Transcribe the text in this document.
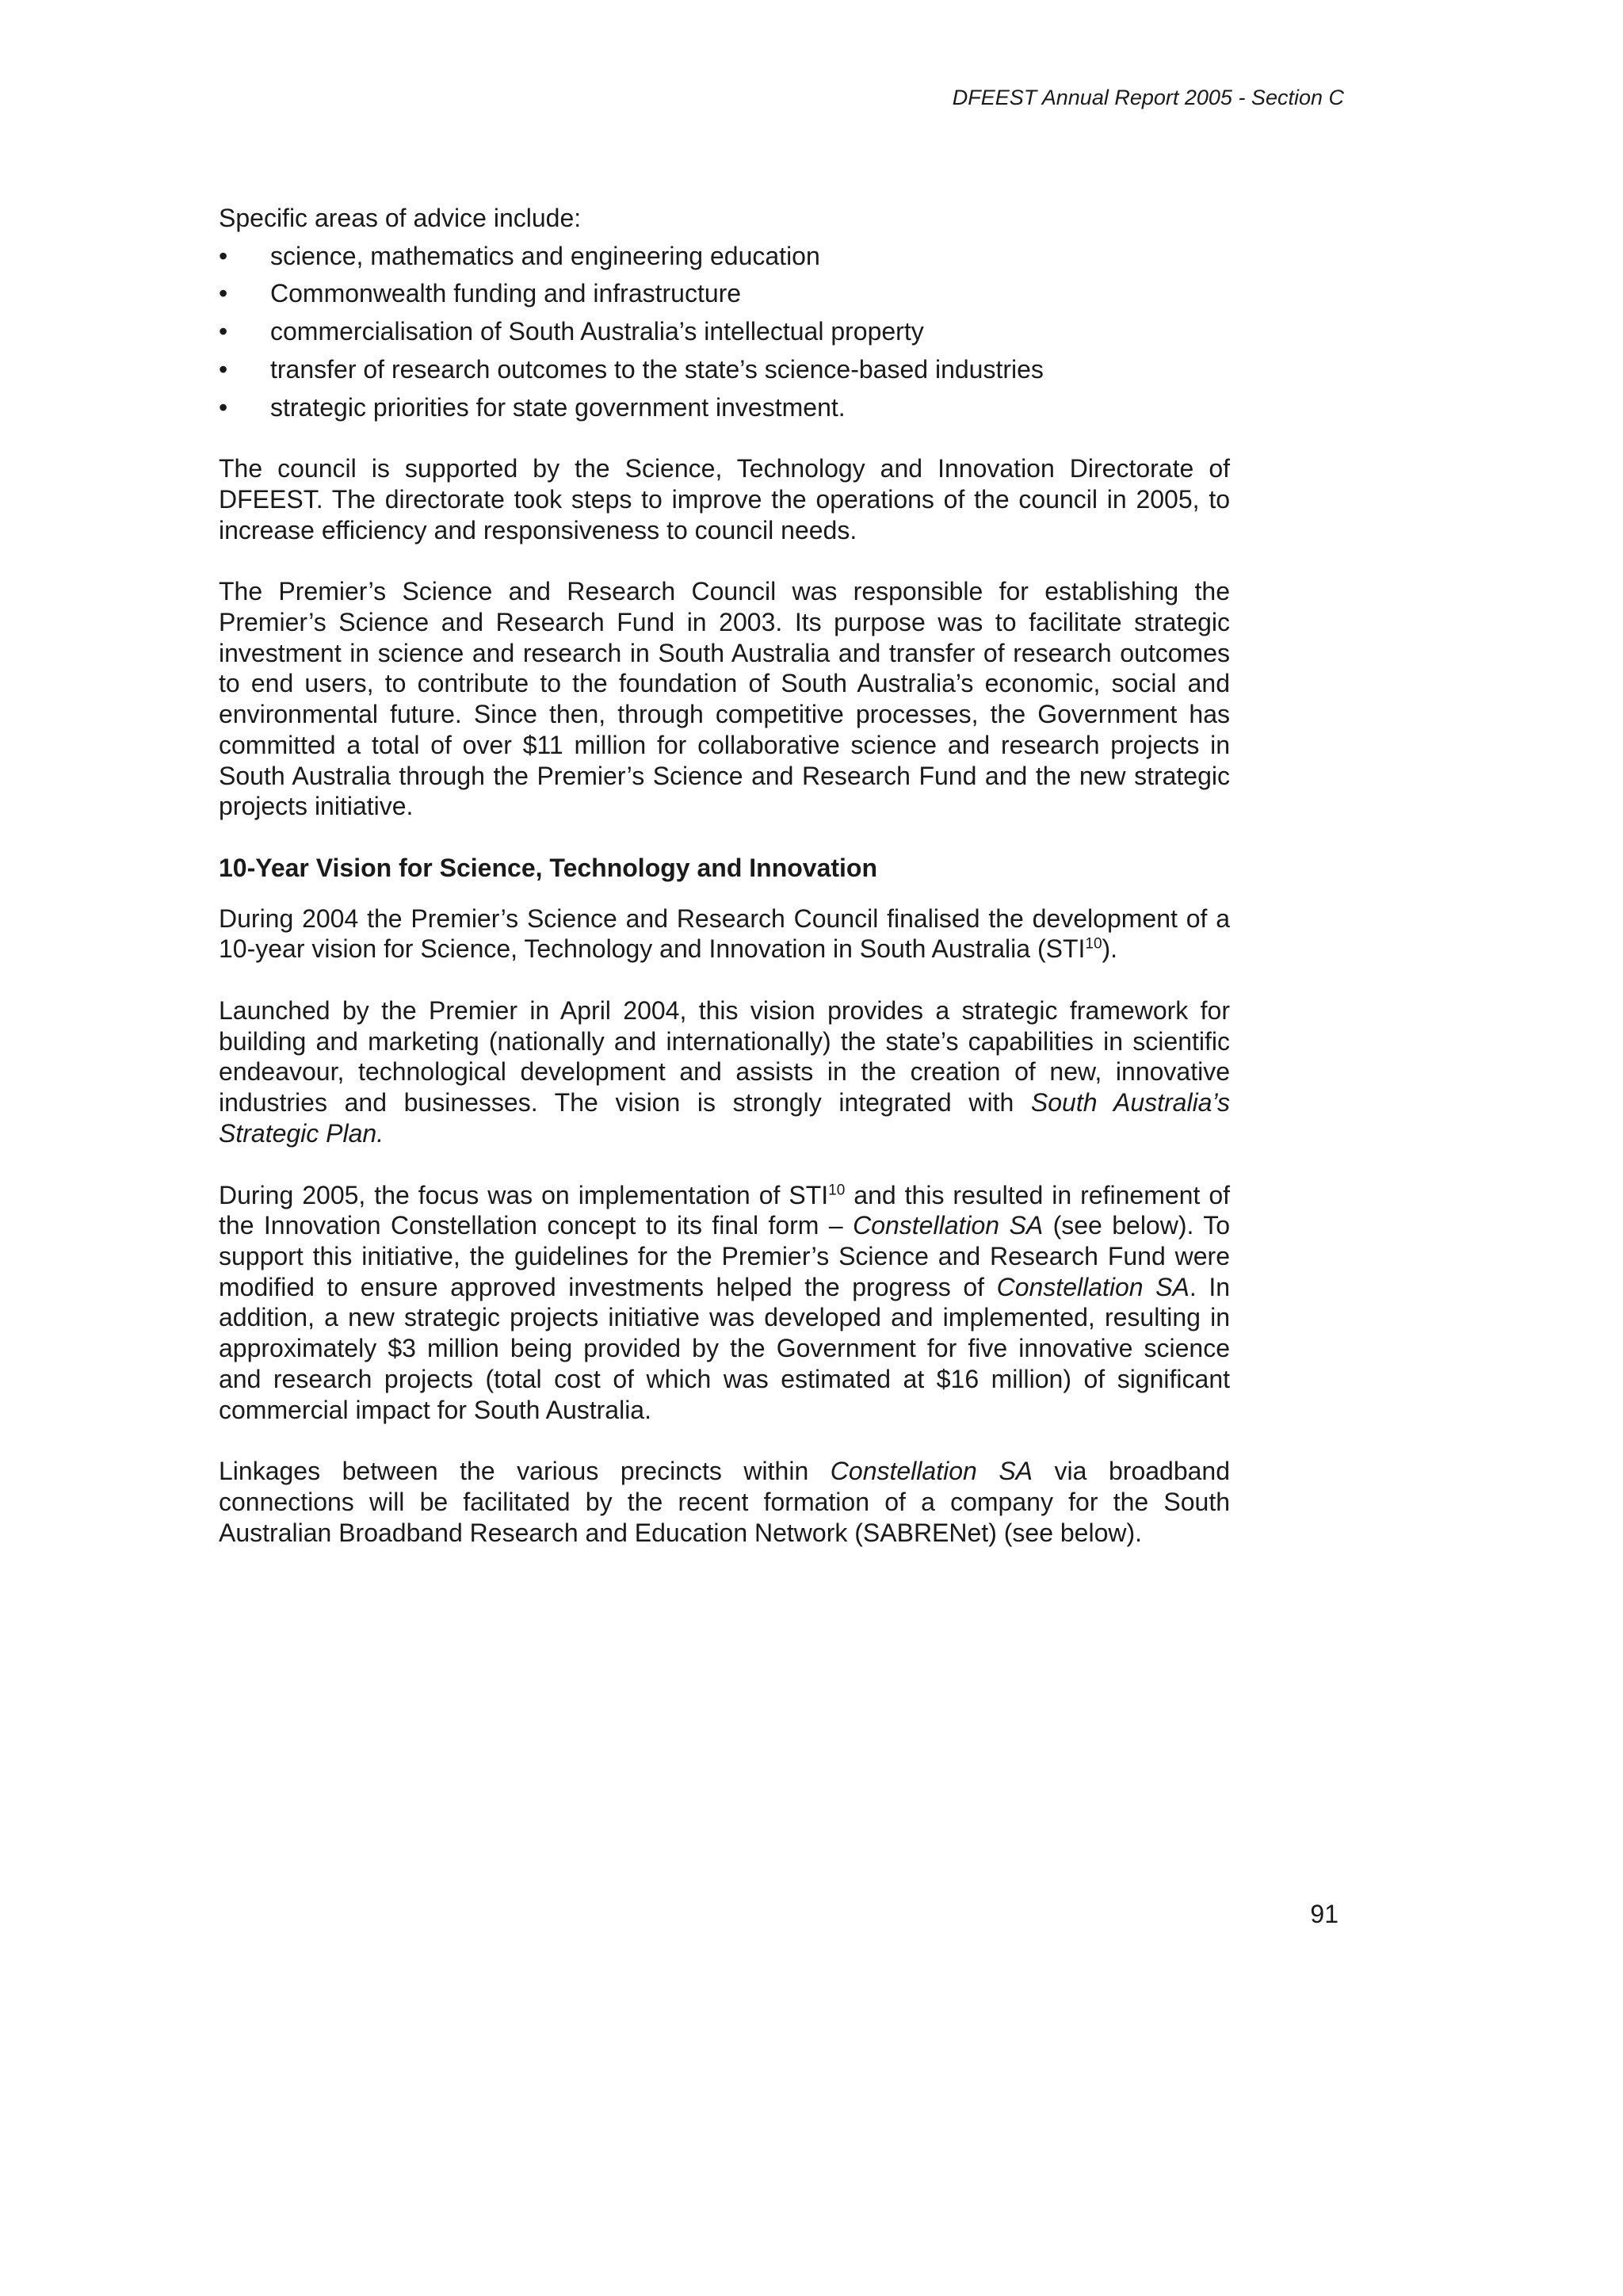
DFEEST Annual Report 2005 - Section C

Specific areas of advice include:

• science, mathematics and engineering education
• Commonwealth funding and infrastructure
• commercialisation of South Australia’s intellectual property
• transfer of research outcomes to the state’s science-based industries
• strategic priorities for state government investment.

The council is supported by the Science, Technology and Innovation Directorate of DFEEST. The directorate took steps to improve the operations of the council in 2005, to increase efficiency and responsiveness to council needs.

The Premier’s Science and Research Council was responsible for establishing the Premier’s Science and Research Fund in 2003. Its purpose was to facilitate strategic investment in science and research in South Australia and transfer of research outcomes to end users, to contribute to the foundation of South Australia’s economic, social and environmental future. Since then, through competitive processes, the Government has committed a total of over $11 million for collaborative science and research projects in South Australia through the Premier’s Science and Research Fund and the new strategic projects initiative.

10-Year Vision for Science, Technology and Innovation

During 2004 the Premier’s Science and Research Council finalised the development of a 10-year vision for Science, Technology and Innovation in South Australia (STI$^{10}$).

Launched by the Premier in April 2004, this vision provides a strategic framework for building and marketing (nationally and internationally) the state’s capabilities in scientific endeavour, technological development and assists in the creation of new, innovative industries and businesses. The vision is strongly integrated with South Australia’s Strategic Plan.

During 2005, the focus was on implementation of STI$^{10}$ and this resulted in refinement of the Innovation Constellation concept to its final form – Constellation SA (see below). To support this initiative, the guidelines for the Premier’s Science and Research Fund were modified to ensure approved investments helped the progress of Constellation SA. In addition, a new strategic projects initiative was developed and implemented, resulting in approximately $3 million being provided by the Government for five innovative science and research projects (total cost of which was estimated at $16 million) of significant commercial impact for South Australia.

Linkages between the various precincts within Constellation SA via broadband connections will be facilitated by the recent formation of a company for the South Australian Broadband Research and Education Network (SABRENet) (see below).

91
